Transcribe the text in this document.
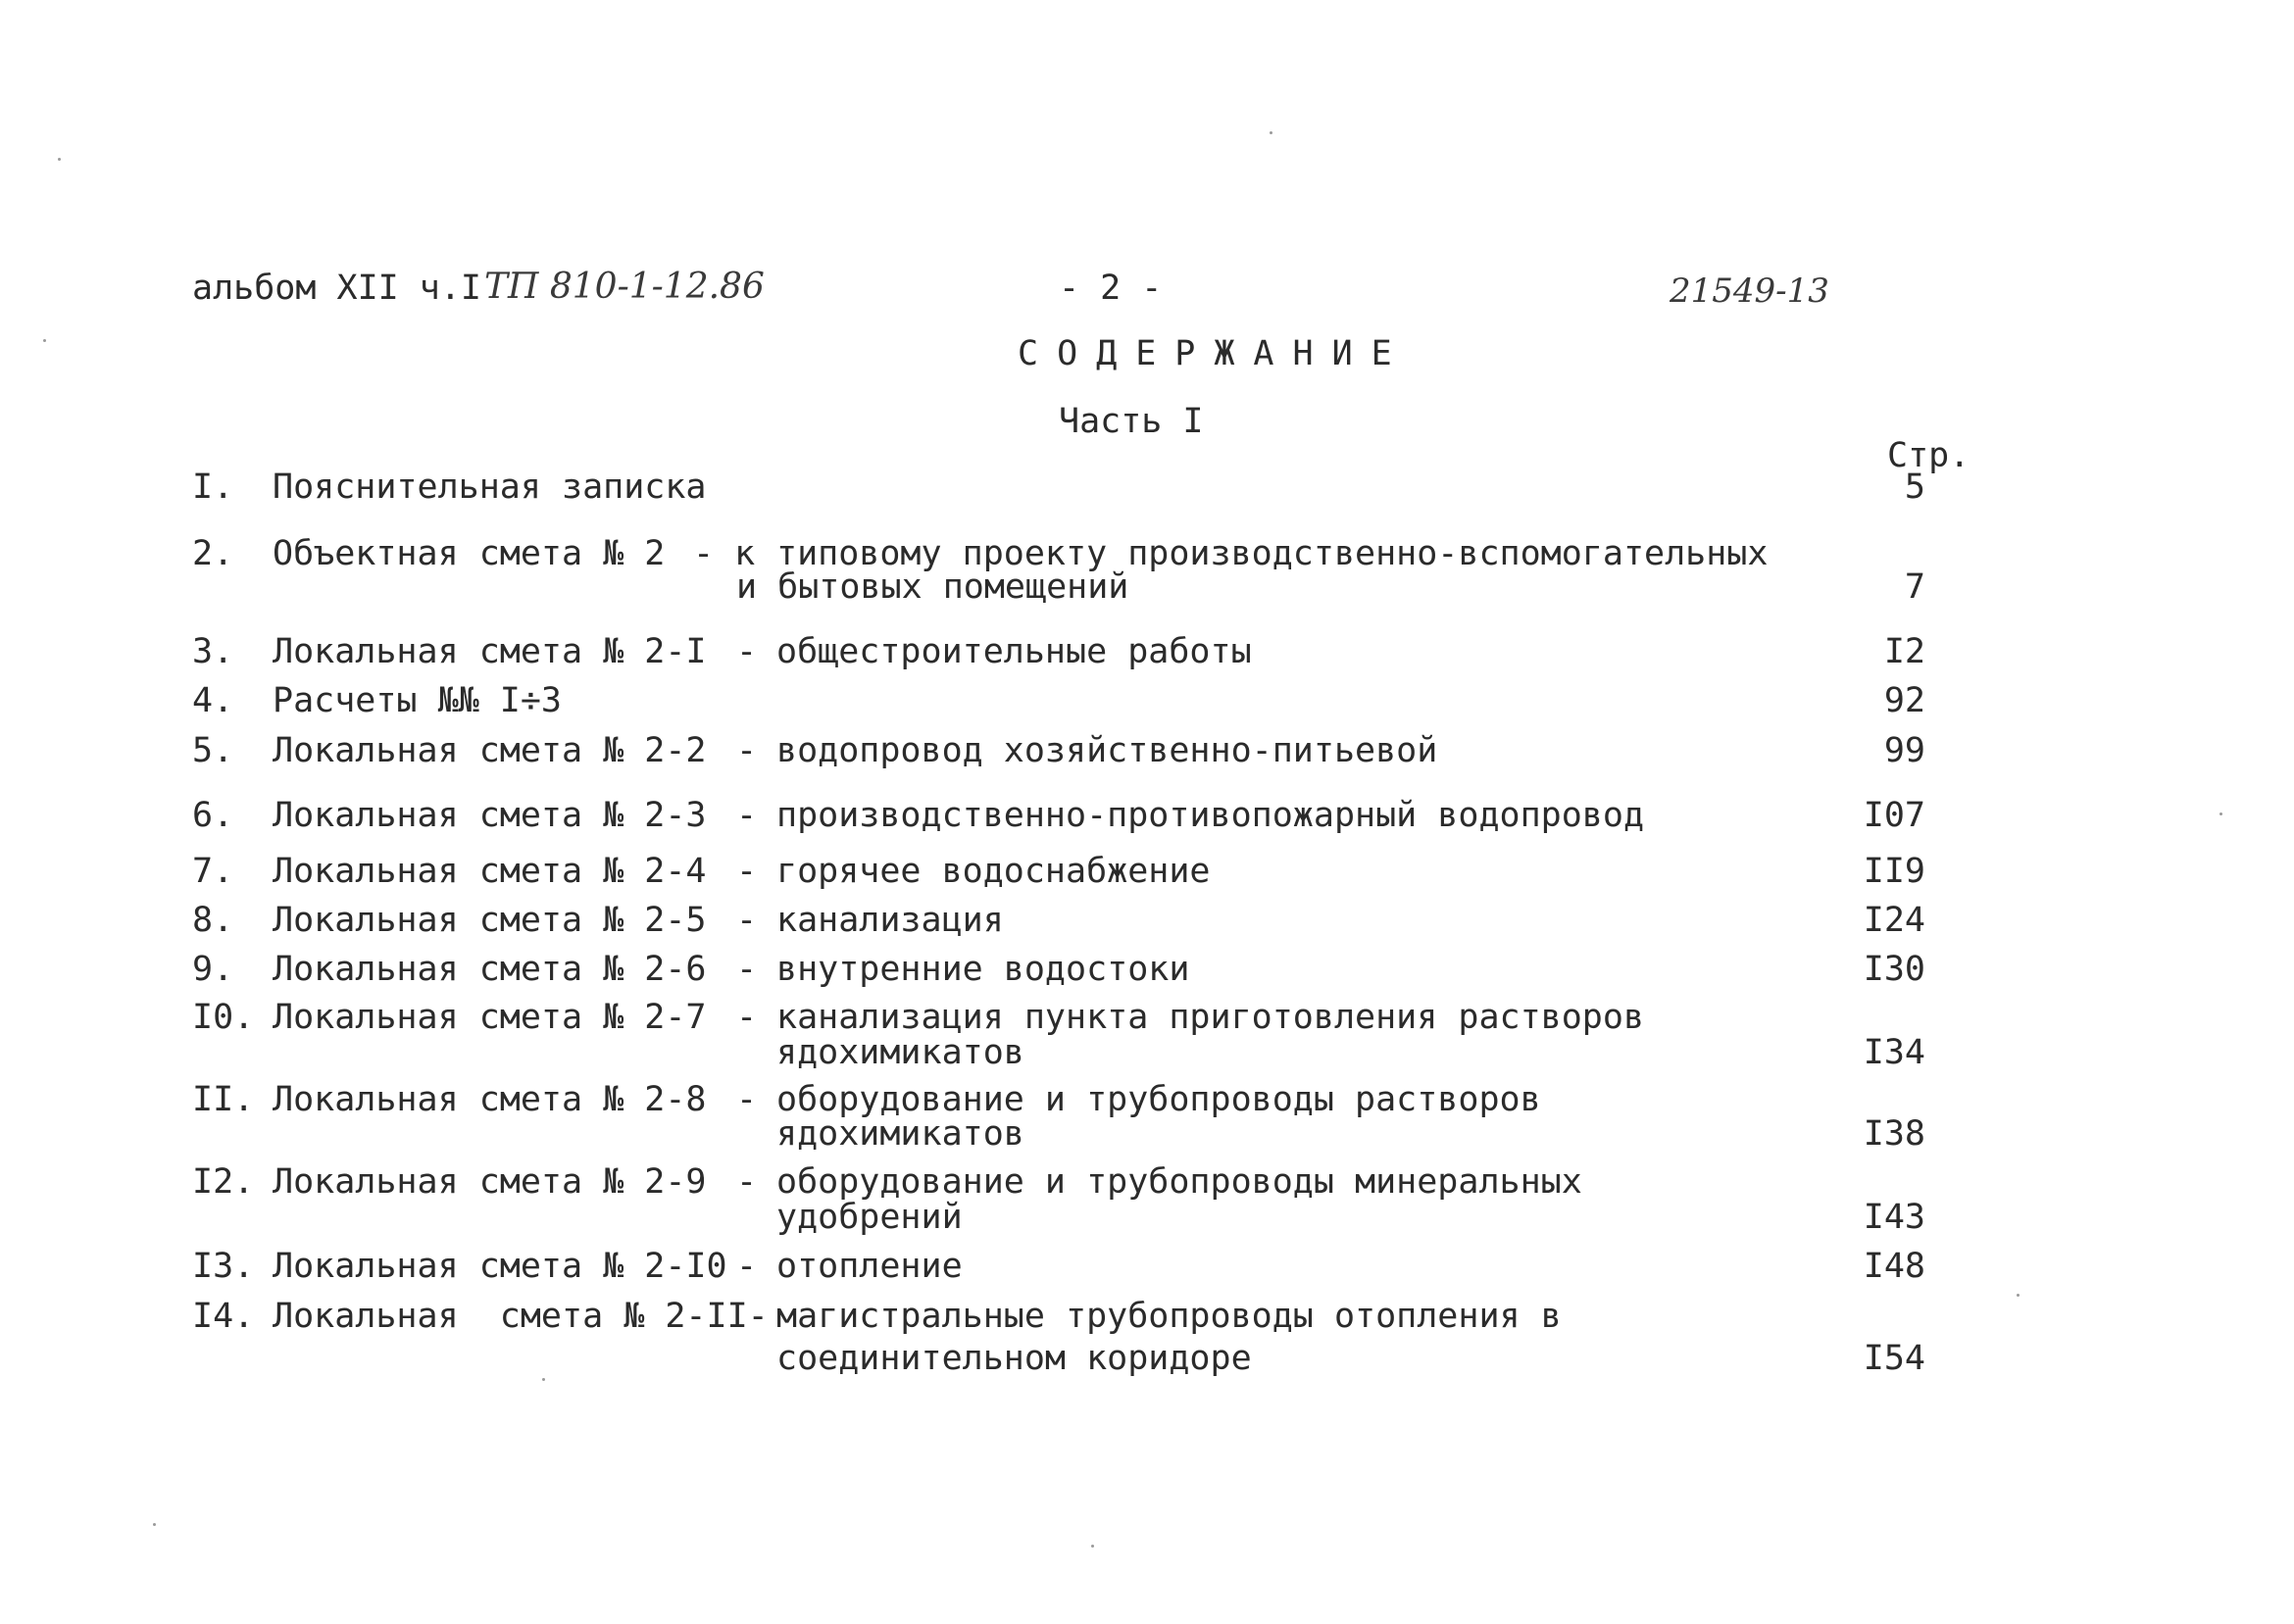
альбом XII ч.I ТП 810-1-12.86	- 2 -	21549-13
СОДЕРЖАНИЕ
Часть I
Стр.
I. Пояснительная записка	5
2. Объектная смета № 2 - к типовому проекту производственно-вспомогательных
и бытовых помещений	7
3. Локальная смета № 2-I - общестроительные работы	I2
4. Расчеты №№ I÷3	92
5. Локальная смета № 2-2 - водопровод хозяйственно-питьевой	99
6. Локальная смета № 2-3 - производственно-противопожарный водопровод	I07
7. Локальная смета № 2-4 - горячее водоснабжение	II9
8. Локальная смета № 2-5 - канализация	I24
9. Локальная смета № 2-6 - внутренние водостоки	I30
I0. Локальная смета № 2-7 - канализация пункта приготовления растворов
ядохимикатов	I34
II. Локальная смета № 2-8 - оборудование и трубопроводы растворов
ядохимикатов	I38
I2. Локальная смета № 2-9 - оборудование и трубопроводы минеральных
удобрений	I43
I3. Локальная смета № 2-I0 - отопление	I48
I4. Локальная  смета № 2-II- магистральные трубопроводы отопления в
соединительном коридоре	I54
